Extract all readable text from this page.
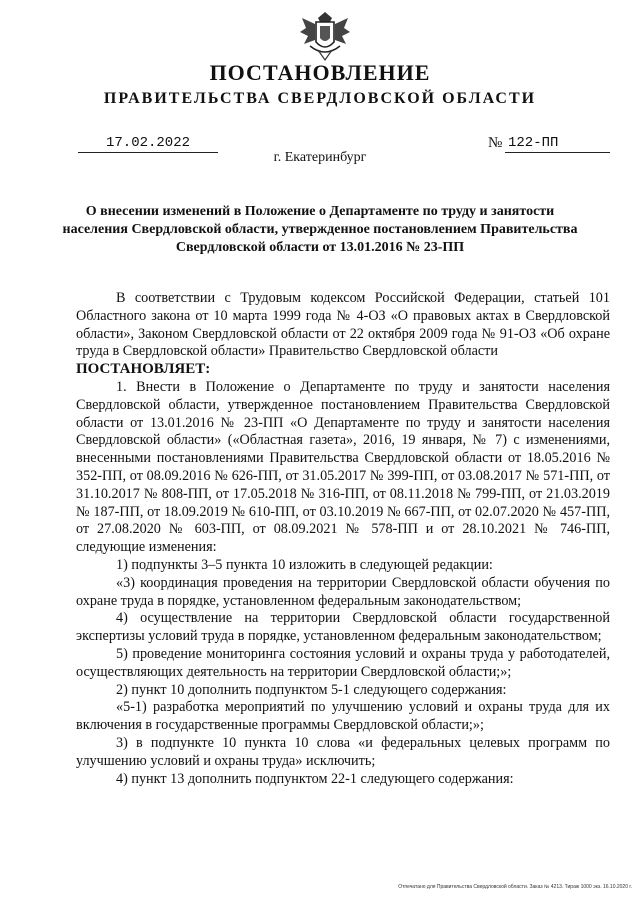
ПОСТАНОВЛЕНИЕ
ПРАВИТЕЛЬСТВА СВЕРДЛОВСКОЙ ОБЛАСТИ
17.02.2022	№ 122-ПП
г. Екатеринбург
О внесении изменений в Положение о Департаменте по труду и занятости населения Свердловской области, утвержденное постановлением Правительства Свердловской области от 13.01.2016 № 23-ПП

В соответствии с Трудовым кодексом Российской Федерации, статьей 101 Областного закона от 10 марта 1999 года № 4-ОЗ «О правовых актах в Свердловской области», Законом Свердловской области от 22 октября 2009 года № 91-ОЗ «Об охране труда в Свердловской области» Правительство Свердловской области

ПОСТАНОВЛЯЕТ:

1. Внести в Положение о Департаменте по труду и занятости населения Свердловской области, утвержденное постановлением Правительства Свердловской области от 13.01.2016 № 23-ПП «О Департаменте по труду и занятости населения Свердловской области» («Областная газета», 2016, 19 января, № 7) с изменениями, внесенными постановлениями Правительства Свердловской области от 18.05.2016 № 352-ПП, от 08.09.2016 № 626-ПП, от 31.05.2017 № 399-ПП, от 03.08.2017 № 571-ПП, от 31.10.2017 № 808-ПП, от 17.05.2018 № 316-ПП, от 08.11.2018 № 799-ПП, от 21.03.2019 № 187-ПП, от 18.09.2019 № 610-ПП, от 03.10.2019 № 667-ПП, от 02.07.2020 № 457-ПП, от 27.08.2020 № 603-ПП, от 08.09.2021 № 578-ПП и от 28.10.2021 № 746-ПП, следующие изменения:

1) подпункты 3–5 пункта 10 изложить в следующей редакции:

«3) координация проведения на территории Свердловской области обучения по охране труда в порядке, установленном федеральным законодательством;

4) осуществление на территории Свердловской области государственной экспертизы условий труда в порядке, установленном федеральным законодательством;

5) проведение мониторинга состояния условий и охраны труда у работодателей, осуществляющих деятельность на территории Свердловской области;»;

2) пункт 10 дополнить подпунктом 5-1 следующего содержания:

«5-1) разработка мероприятий по улучшению условий и охраны труда для их включения в государственные программы Свердловской области;»;

3) в подпункте 10 пункта 10 слова «и федеральных целевых программ по улучшению условий и охраны труда» исключить;

4) пункт 13 дополнить подпунктом 22-1 следующего содержания:

Отпечатано для Правительства Свердловской области. Заказ № 4213. Тираж 1000 экз. 16.10.2020 г.
